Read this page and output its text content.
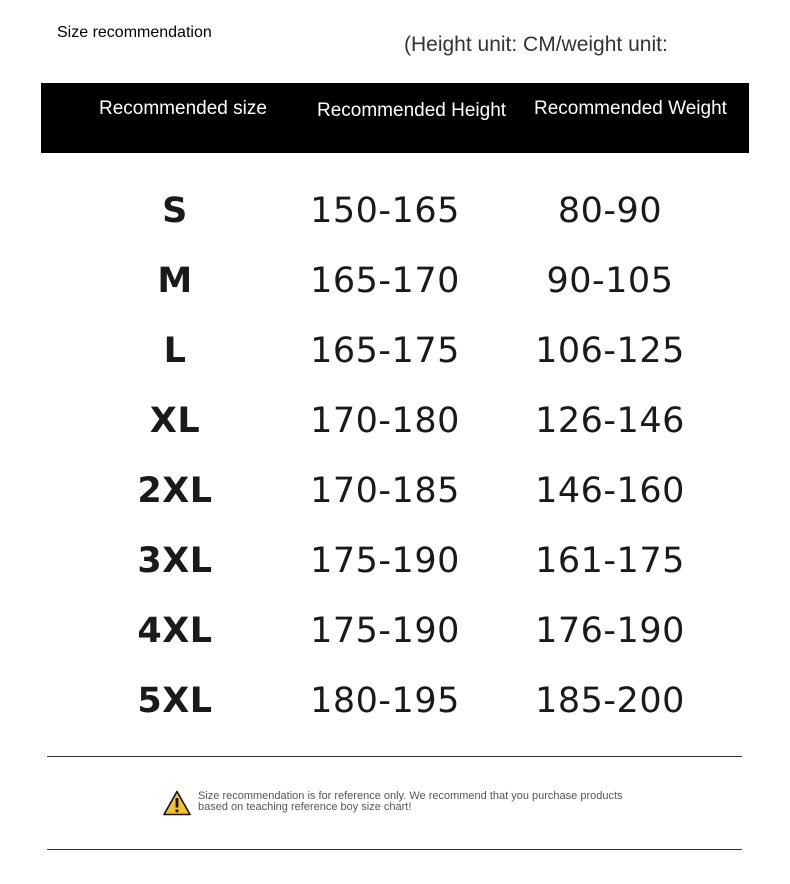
Size recommendation
(Height unit: CM/weight unit:
Recommended size	Recommended Height	Recommended Weight
S	150-165	80-90
M	165-170	90-105
L	165-175	106-125
XL	170-180	126-146
2XL	170-185	146-160
3XL	175-190	161-175
4XL	175-190	176-190
5XL	180-195	185-200
Size recommendation is for reference only. We recommend that you purchase products based on teaching reference boy size chart!
